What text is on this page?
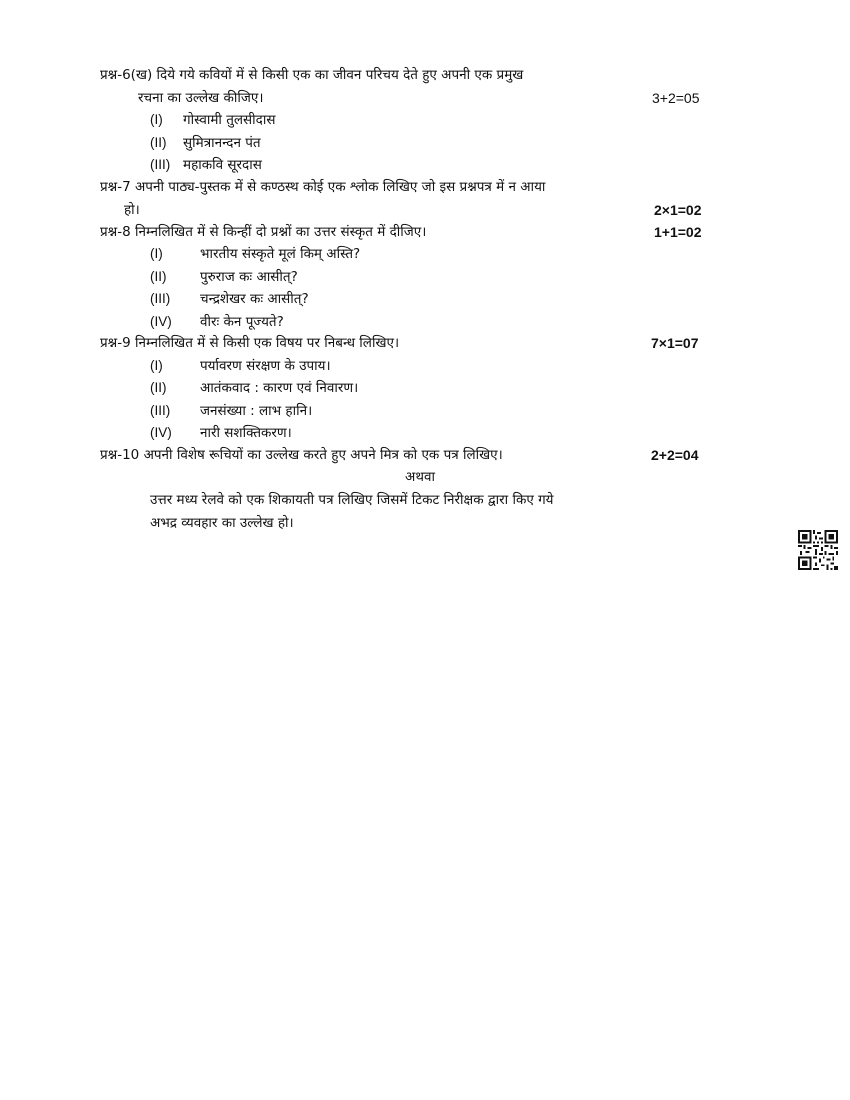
प्रश्न-6(ख) दिये गये कवियों में से किसी एक का जीवन परिचय देते हुए अपनी एक प्रमुख
रचना का उल्लेख कीजिए।	3+2=05
(I) गोस्वामी तुलसीदास
(II) सुमित्रानन्दन पंत
(III) महाकवि सूरदास
प्रश्न-7 अपनी पाठ्य-पुस्तक में से कण्ठस्थ कोई एक श्लोक लिखिए जो इस प्रश्नपत्र में न आया
हो।	2×1=02
प्रश्न-8 निम्नलिखित में से किन्हीं दो प्रश्नों का उत्तर संस्कृत में दीजिए।	1+1=02
(I)	भारतीय संस्कृते मूलं किम् अस्ति?
(II) पुरुराज कः आसीत्?
(III) चन्द्रशेखर कः आसीत्?
(IV) वीरः केन पूज्यते?
प्रश्न-9 निम्नलिखित में से किसी एक विषय पर निबन्ध लिखिए।	7×1=07
(I)	पर्यावरण संरक्षण के उपाय।
(II) आतंकवाद : कारण एवं निवारण।
(III) जनसंख्या : लाभ हानि।
(IV) नारी सशक्तिकरण।
प्रश्न-10 अपनी विशेष रूचियों का उल्लेख करते हुए अपने मित्र को एक पत्र लिखिए।	2+2=04
अथवा
उत्तर मध्य रेलवे को एक शिकायती पत्र लिखिए जिसमें टिकट निरीक्षक द्वारा किए गये
अभद्र व्यवहार का उल्लेख हो।
